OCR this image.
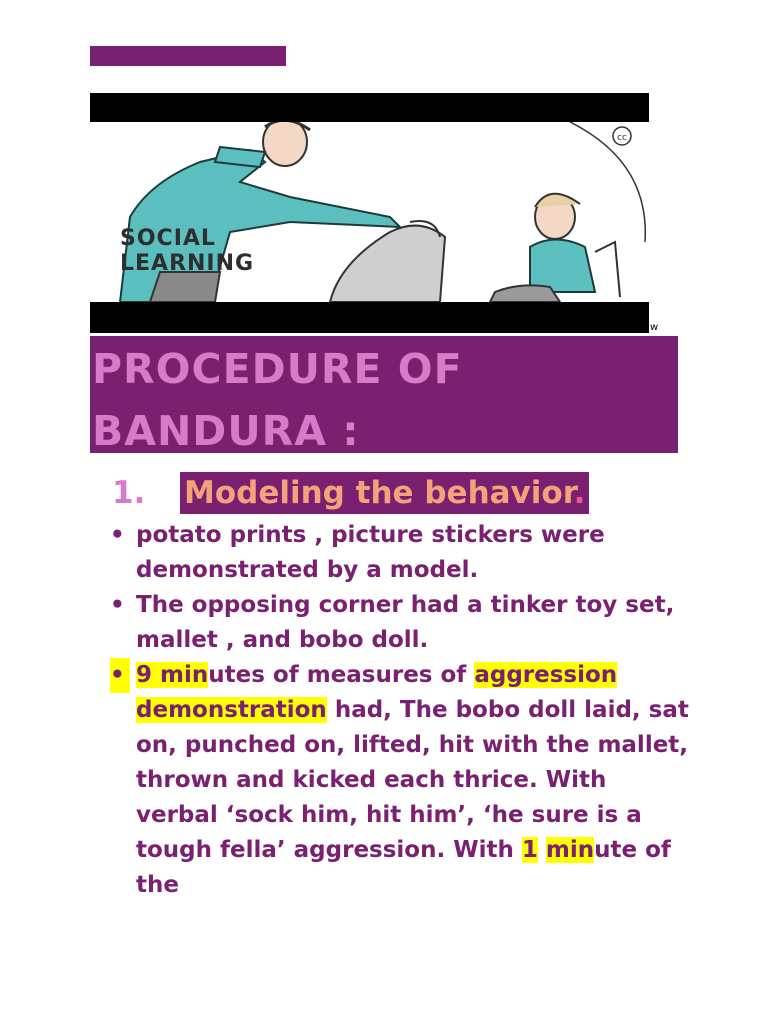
cc
SOCIAL
LEARNING
w
PROCEDURE OF
BANDURA :
1. Modeling the behavior.
• potato prints , picture stickers were demonstrated by a model.
• The opposing corner had a tinker toy set, mallet , and bobo doll.
• 9 minutes of measures of aggression demonstration had, The bobo doll laid, sat on, punched on, lifted, hit with the mallet, thrown and kicked each thrice. With verbal ‘sock him, hit him’, ‘he sure is a tough fella’ aggression. With 1 minute of the
